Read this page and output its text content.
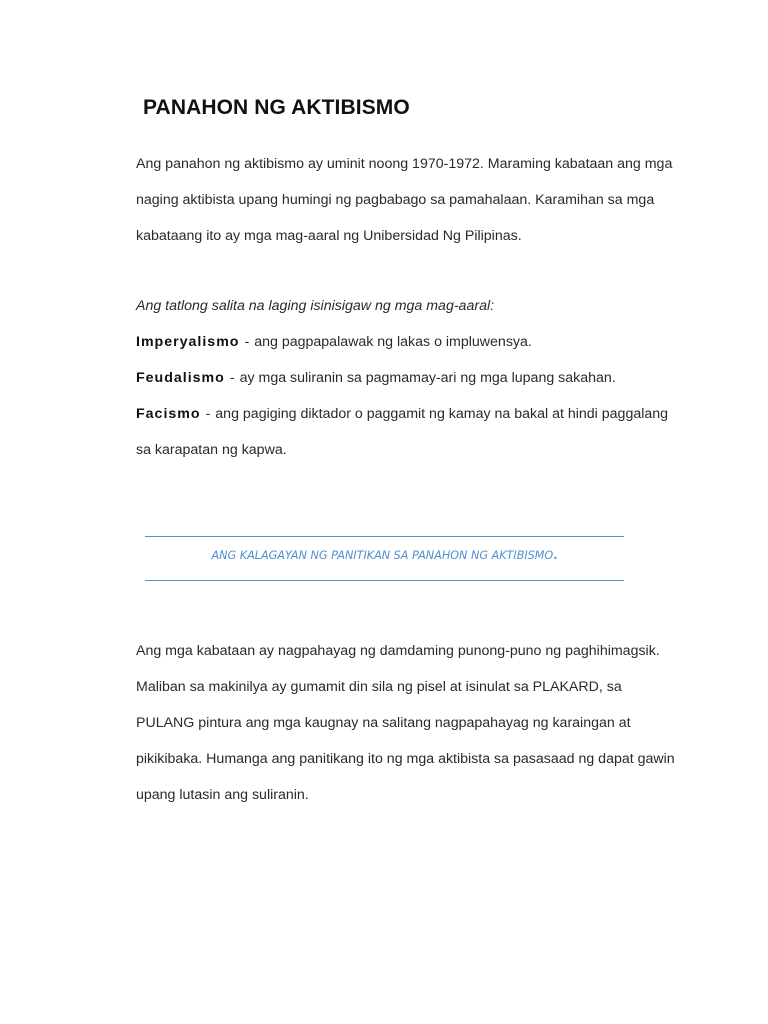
PANAHON NG AKTIBISMO

Ang panahon ng aktibismo ay uminit noong 1970-1972. Maraming kabataan ang mga naging aktibista upang humingi ng pagbabago sa pamahalaan. Karamihan sa mga kabataang ito ay mga mag-aaral ng Unibersidad Ng Pilipinas.

Ang tatlong salita na laging isinisigaw ng mga mag-aaral:

Imperyalismo - ang pagpapalawak ng lakas o impluwensya.
Feudalismo - ay mga suliranin sa pagmamay-ari ng mga lupang sakahan.
Facismo - ang pagiging diktador o paggamit ng kamay na bakal at hindi paggalang sa karapatan ng kapwa.

ANG KALAGAYAN NG PANITIKAN SA PANAHON NG AKTIBISMO.

Ang mga kabataan ay nagpahayag ng damdaming punong-puno ng paghihimagsik. Maliban sa makinilya ay gumamit din sila ng pisel at isinulat sa PLAKARD, sa PULANG pintura ang mga kaugnay na salitang nagpapahayag ng karaingan at pikikibaka. Humanga ang panitikang ito ng mga aktibista sa pasasaad ng dapat gawin upang lutasin ang suliranin.
